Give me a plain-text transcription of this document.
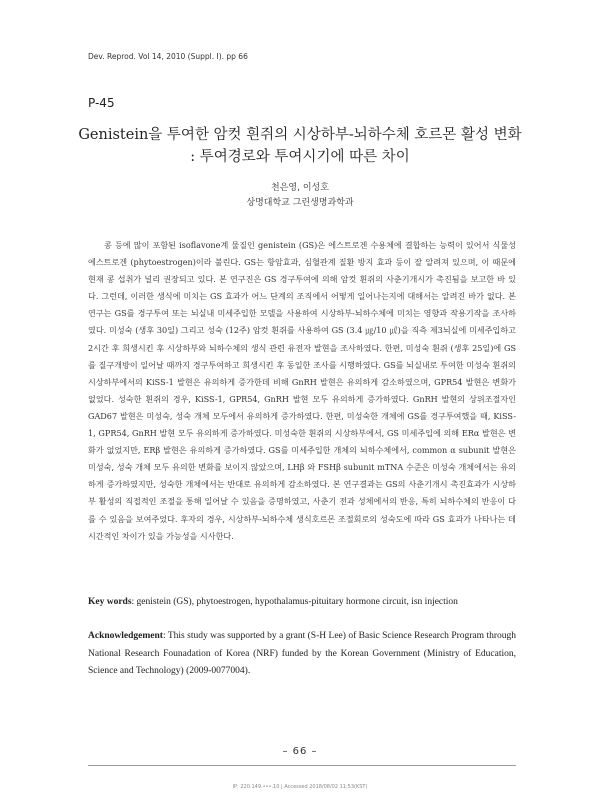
Dev. Reprod. Vol 14, 2010 (Suppl. I). pp 66
P-45
Genistein을 투여한 암컷 흰쥐의 시상하부-뇌하수체 호르몬 활성 변화
: 투여경로와 투여시기에 따른 차이
천은영, 이성호
상명대학교 그린생명과학과

콩 등에 많이 포함된 isoflavone계 물질인 genistein (GS)은 에스트로겐 수용체에 결합하는 능력이 있어서 식물성 에스트로겐 (phytoestrogen)이라 불린다. GS는 항암효과, 심혈관계 질환 방지 효과 등이 잘 알려져 있으며, 이 때문에 현재 콩 섭취가 널리 권장되고 있다. 본 연구진은 GS 경구투여에 의해 암컷 흰쥐의 사춘기개시가 촉진됨을 보고한 바 있다. 그런데, 이러한 생식에 미치는 GS 효과가 어느 단계의 조직에서 어떻게 일어나는지에 대해서는 알려진 바가 없다. 본 연구는 GS를 경구투여 또는 뇌실내 미세주입한 모델을 사용하여 시상하부-뇌하수체에 미치는 영향과 작용기작을 조사하였다. 미성숙 (생후 30일) 그리고 성숙 (12주) 암컷 흰쥐를 사용하여 GS (3.4 ㎍/10 ㎕)을 직측 제3뇌실에 미세주입하고 2시간 후 희생시킨 후 시상하부와 뇌하수체의 생식 관련 유전자 발현을 조사하였다. 한편, 미성숙 흰쥐 (생후 25일)에 GS를 질구개방이 일어날 때까지 경구투여하고 희생시킨 후 동일한 조사를 시행하였다. GS를 뇌실내로 투여한 미성숙 흰쥐의 시상하부에서의 KiSS-1 발현은 유의하게 증가한데 비해 GnRH 발현은 유의하게 감소하였으며, GPR54 발현은 변화가 없었다. 성숙한 흰쥐의 경우, KiSS-1, GPR54, GnRH 발현 모두 유의하게 증가하였다. GnRH 발현의 상위조절자인 GAD67 발현은 미성숙, 성숙 개체 모두에서 유의하게 증가하였다. 한편, 미성숙한 개체에 GS를 경구투여했을 때, KiSS-1, GPR54, GnRH 발현 모두 유의하게 증가하였다. 미성숙한 흰쥐의 시상하부에서, GS 미세주입에 의해 ERα 발현은 변화가 없었지만, ERβ 발현은 유의하게 증가하였다. GS를 미세주입한 개체의 뇌하수체에서, common α subunit 발현은 미성숙, 성숙 개체 모두 유의한 변화를 보이지 않았으며, LHβ 와 FSHβ subunit mTNA 수준은 미성숙 개체에서는 유의하게 증가하였지만, 성숙한 개체에서는 반대로 유의하게 감소하였다. 본 연구결과는 GS의 사춘기개시 촉진효과가 시상하부 활성의 직접적인 조절을 통해 일어날 수 있음을 증명하였고, 사춘기 전과 성체에서의 반응, 특히 뇌하수체의 반응이 다를 수 있음을 보여주었다. 후자의 경우, 시상하부-뇌하수체 생식호르몬 조절회로의 성숙도에 따라 GS 효과가 나타나는 데 시간적인 차이가 있을 가능성을 시사한다.

Key words: genistein (GS), phytoestrogen, hypothalamus-pituitary hormone circuit, isn injection
Acknowledgement: This study was supported by a grant (S-H Lee) of Basic Science Research Program through National Research Founadation of Korea (NRF) funded by the Korean Government (Ministry of Education, Science and Technology) (2009-0077004).
– 66 –
IP: 220.149.•••.10 | Accessed 2018/08/02 11:53(KST)
